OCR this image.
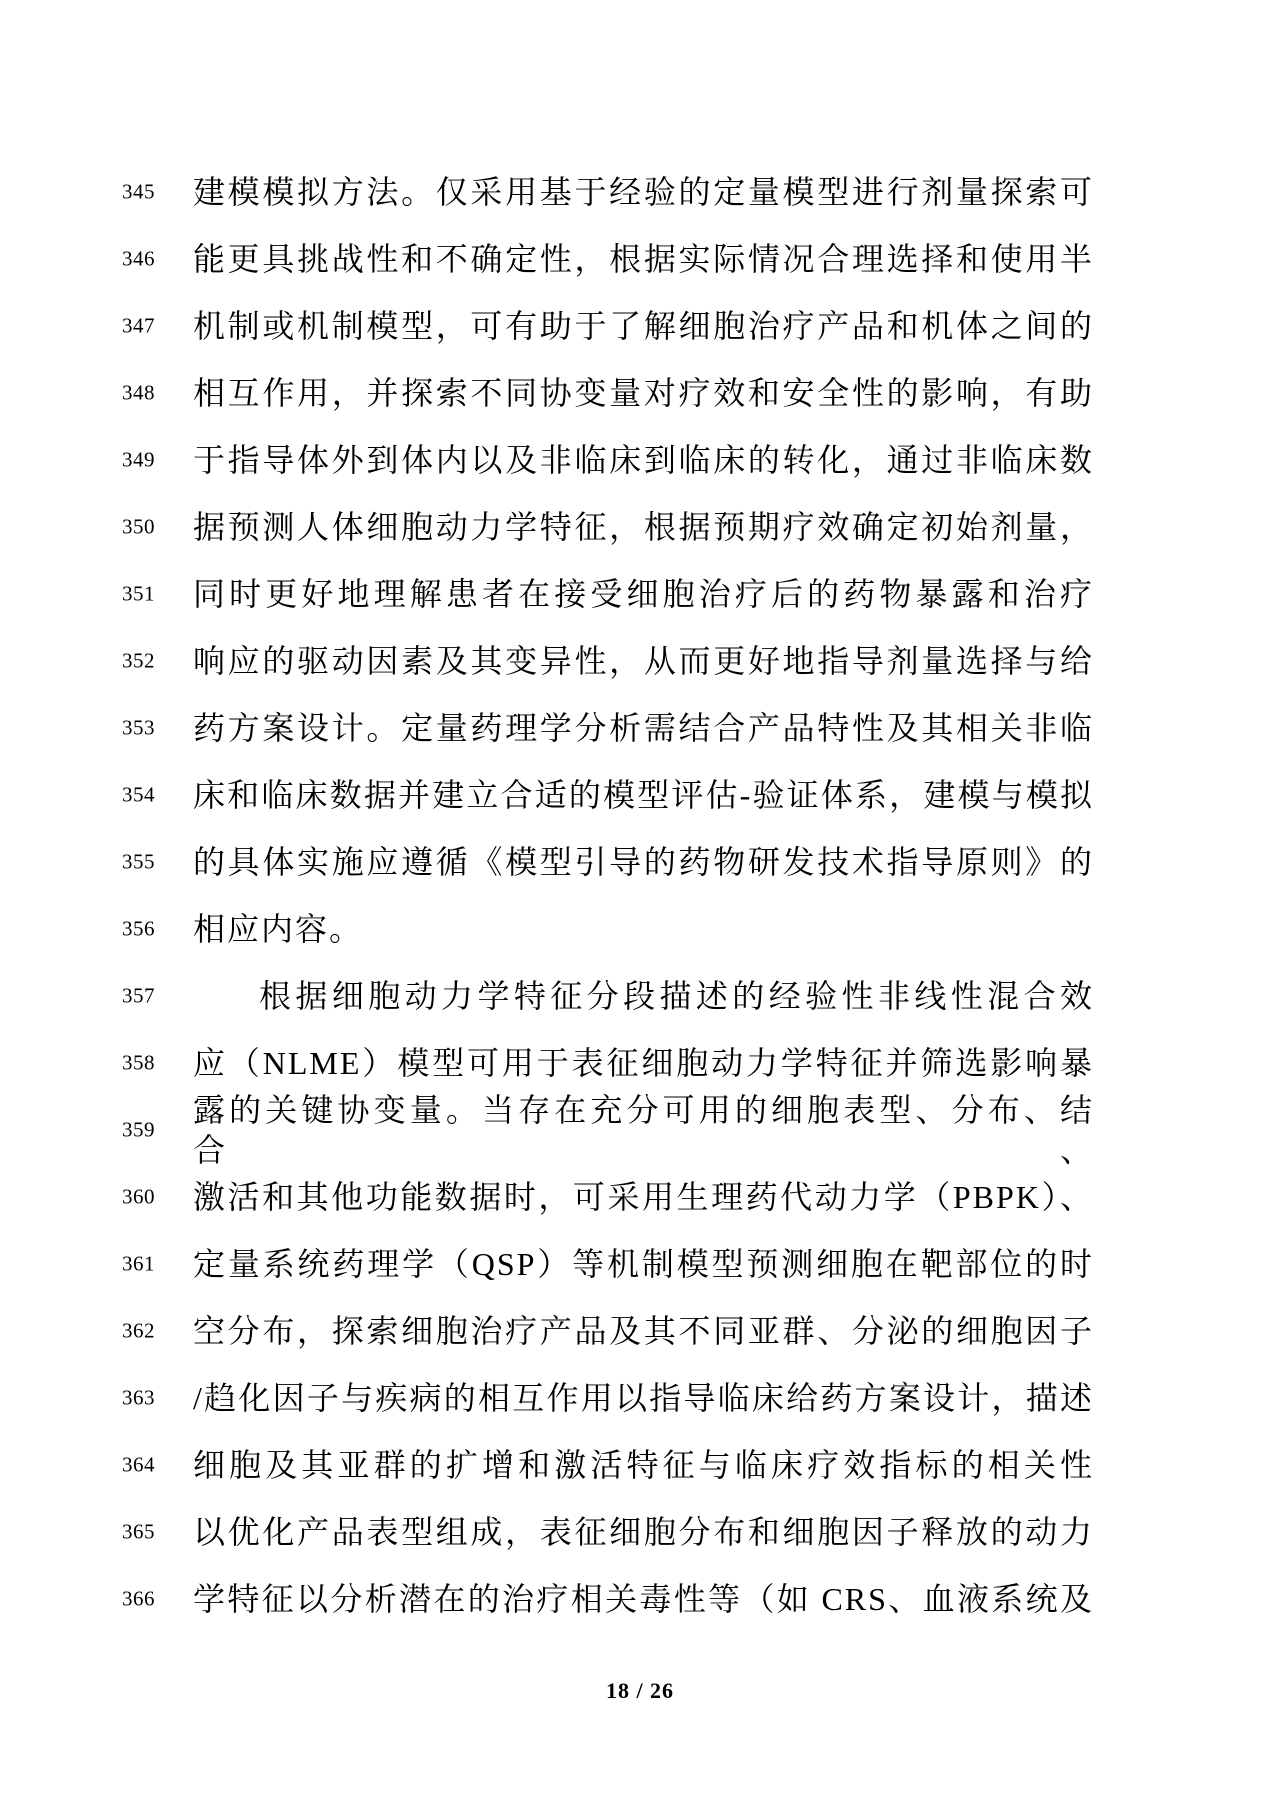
345 建模模拟方法。仅采用基于经验的定量模型进行剂量探索可
346 能更具挑战性和不确定性，根据实际情况合理选择和使用半
347 机制或机制模型，可有助于了解细胞治疗产品和机体之间的
348 相互作用，并探索不同协变量对疗效和安全性的影响，有助
349 于指导体外到体内以及非临床到临床的转化，通过非临床数
350 据预测人体细胞动力学特征，根据预期疗效确定初始剂量，
351 同时更好地理解患者在接受细胞治疗后的药物暴露和治疗
352 响应的驱动因素及其变异性，从而更好地指导剂量选择与给
353 药方案设计。定量药理学分析需结合产品特性及其相关非临
354 床和临床数据并建立合适的模型评估-验证体系，建模与模拟
355 的具体实施应遵循《模型引导的药物研发技术指导原则》的
356 相应内容。
357	根据细胞动力学特征分段描述的经验性非线性混合效
358 应（NLME）模型可用于表征细胞动力学特征并筛选影响暴
359
露的关键协变量。当存在充分可用的细胞表型、分布、结合、
360 激活和其他功能数据时，可采用生理药代动力学（PBPK）、
361 定量系统药理学（QSP）等机制模型预测细胞在靶部位的时
362 空分布，探索细胞治疗产品及其不同亚群、分泌的细胞因子
363 /趋化因子与疾病的相互作用以指导临床给药方案设计，描述
364 细胞及其亚群的扩增和激活特征与临床疗效指标的相关性
365 以优化产品表型组成，表征细胞分布和细胞因子释放的动力
366 学特征以分析潜在的治疗相关毒性等（如 CRS、血液系统及
18 / 26
